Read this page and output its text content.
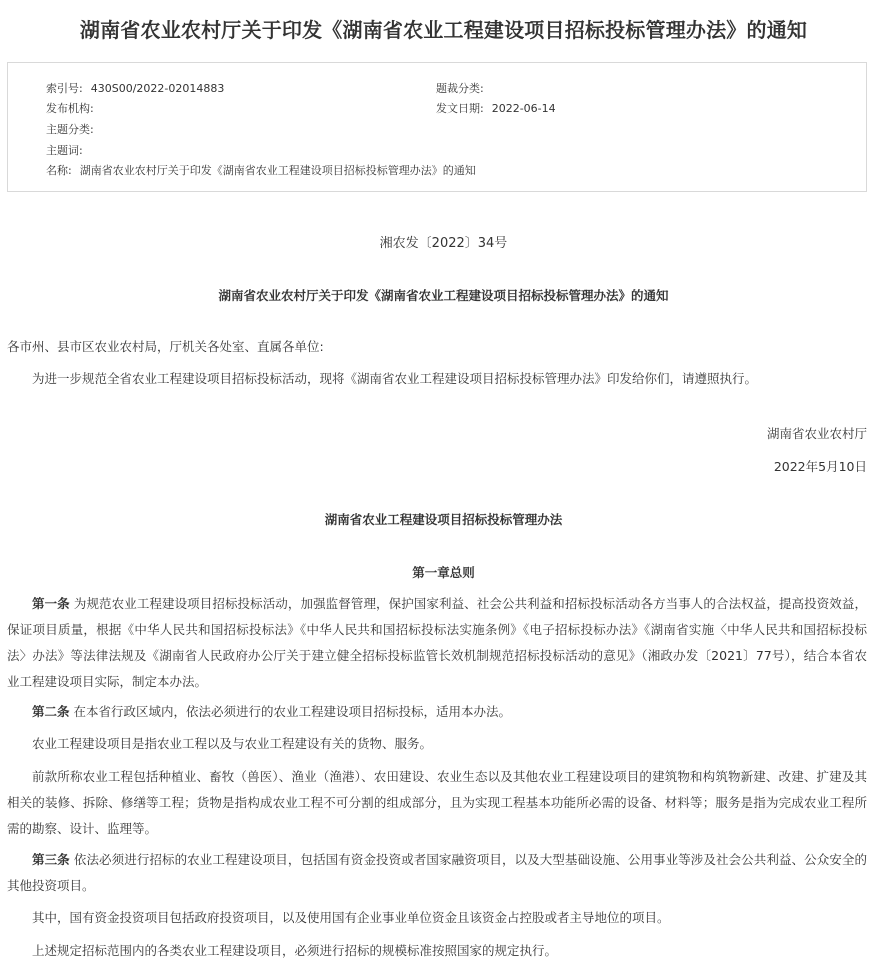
湖南省农业农村厅关于印发《湖南省农业工程建设项目招标投标管理办法》的通知
索引号: 430S00/2022-02014883	题裁分类:
发布机构:	发文日期: 2022-06-14
主题分类:
主题词:
名称: 湖南省农业农村厅关于印发《湖南省农业工程建设项目招标投标管理办法》的通知
湘农发〔2022〕34号
湖南省农业农村厅关于印发《湖南省农业工程建设项目招标投标管理办法》的通知
各市州、县市区农业农村局，厅机关各处室、直属各单位:
为进一步规范全省农业工程建设项目招标投标活动，现将《湖南省农业工程建设项目招标投标管理办法》印发给你们，请遵照执行。
湖南省农业农村厅
2022年5月10日
湖南省农业工程建设项目招标投标管理办法
第一章总则
第一条 为规范农业工程建设项目招标投标活动，加强监督管理，保护国家利益、社会公共利益和招标投标活动各方当事人的合法权益，提高投资效益，保证项目质量，根据《中华人民共和国招标投标法》《中华人民共和国招标投标法实施条例》《电子招标投标办法》《湖南省实施〈中华人民共和国招标投标法〉办法》等法律法规及《湖南省人民政府办公厅关于建立健全招标投标监管长效机制规范招标投标活动的意见》（湘政办发〔2021〕77号），结合本省农业工程建设项目实际，制定本办法。
第二条 在本省行政区域内，依法必须进行的农业工程建设项目招标投标，适用本办法。
农业工程建设项目是指农业工程以及与农业工程建设有关的货物、服务。
前款所称农业工程包括种植业、畜牧（兽医）、渔业（渔港）、农田建设、农业生态以及其他农业工程建设项目的建筑物和构筑物新建、改建、扩建及其相关的装修、拆除、修缮等工程；货物是指构成农业工程不可分割的组成部分，且为实现工程基本功能所必需的设备、材料等；服务是指为完成农业工程所需的勘察、设计、监理等。
第三条 依法必须进行招标的农业工程建设项目，包括国有资金投资或者国家融资项目，以及大型基础设施、公用事业等涉及社会公共利益、公众安全的其他投资项目。
其中，国有资金投资项目包括政府投资项目，以及使用国有企业事业单位资金且该资金占控股或者主导地位的项目。
上述规定招标范围内的各类农业工程建设项目，必须进行招标的规模标准按照国家的规定执行。
